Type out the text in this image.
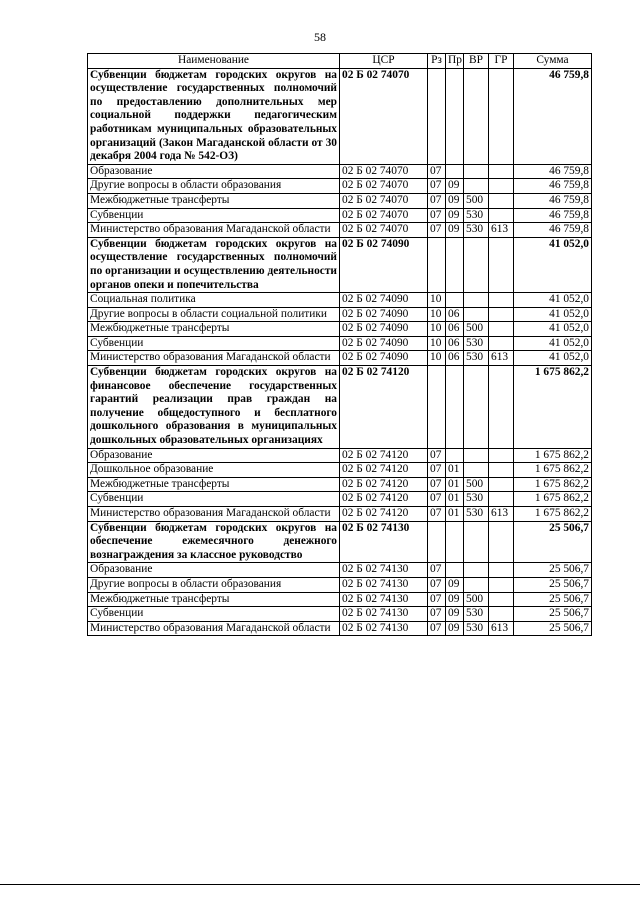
58
Наименование	ЦСР	Рз	Пр	ВР	ГР	Сумма
Субвенции бюджетам городских округов на осуществление государственных полномочий по предоставлению дополнительных мер социальной поддержки педагогическим работникам муниципальных образовательных организаций (Закон Магаданской области от 30 декабря 2004 года № 542-ОЗ)	02 Б 02 74070					46 759,8
Образование	02 Б 02 74070	07				46 759,8
Другие вопросы в области образования	02 Б 02 74070	07	09			46 759,8
Межбюджетные трансферты	02 Б 02 74070	07	09	500		46 759,8
Субвенции	02 Б 02 74070	07	09	530		46 759,8
Министерство образования Магаданской области	02 Б 02 74070	07	09	530	613	46 759,8
Субвенции бюджетам городских округов на осуществление государственных полномочий по организации и осуществлению деятельности органов опеки и попечительства	02 Б 02 74090					41 052,0
Социальная политика	02 Б 02 74090	10				41 052,0
Другие вопросы в области социальной политики	02 Б 02 74090	10	06			41 052,0
Межбюджетные трансферты	02 Б 02 74090	10	06	500		41 052,0
Субвенции	02 Б 02 74090	10	06	530		41 052,0
Министерство образования Магаданской области	02 Б 02 74090	10	06	530	613	41 052,0
Субвенции бюджетам городских округов на финансовое обеспечение государственных гарантий реализации прав граждан на получение общедоступного и бесплатного дошкольного образования в муниципальных дошкольных образовательных организациях	02 Б 02 74120					1 675 862,2
Образование	02 Б 02 74120	07				1 675 862,2
Дошкольное образование	02 Б 02 74120	07	01			1 675 862,2
Межбюджетные трансферты	02 Б 02 74120	07	01	500		1 675 862,2
Субвенции	02 Б 02 74120	07	01	530		1 675 862,2
Министерство образования Магаданской области	02 Б 02 74120	07	01	530	613	1 675 862,2
Субвенции бюджетам городских округов на обеспечение ежемесячного денежного вознаграждения за классное руководство	02 Б 02 74130					25 506,7
Образование	02 Б 02 74130	07				25 506,7
Другие вопросы в области образования	02 Б 02 74130	07	09			25 506,7
Межбюджетные трансферты	02 Б 02 74130	07	09	500		25 506,7
Субвенции	02 Б 02 74130	07	09	530		25 506,7
Министерство образования Магаданской области	02 Б 02 74130	07	09	530	613	25 506,7
